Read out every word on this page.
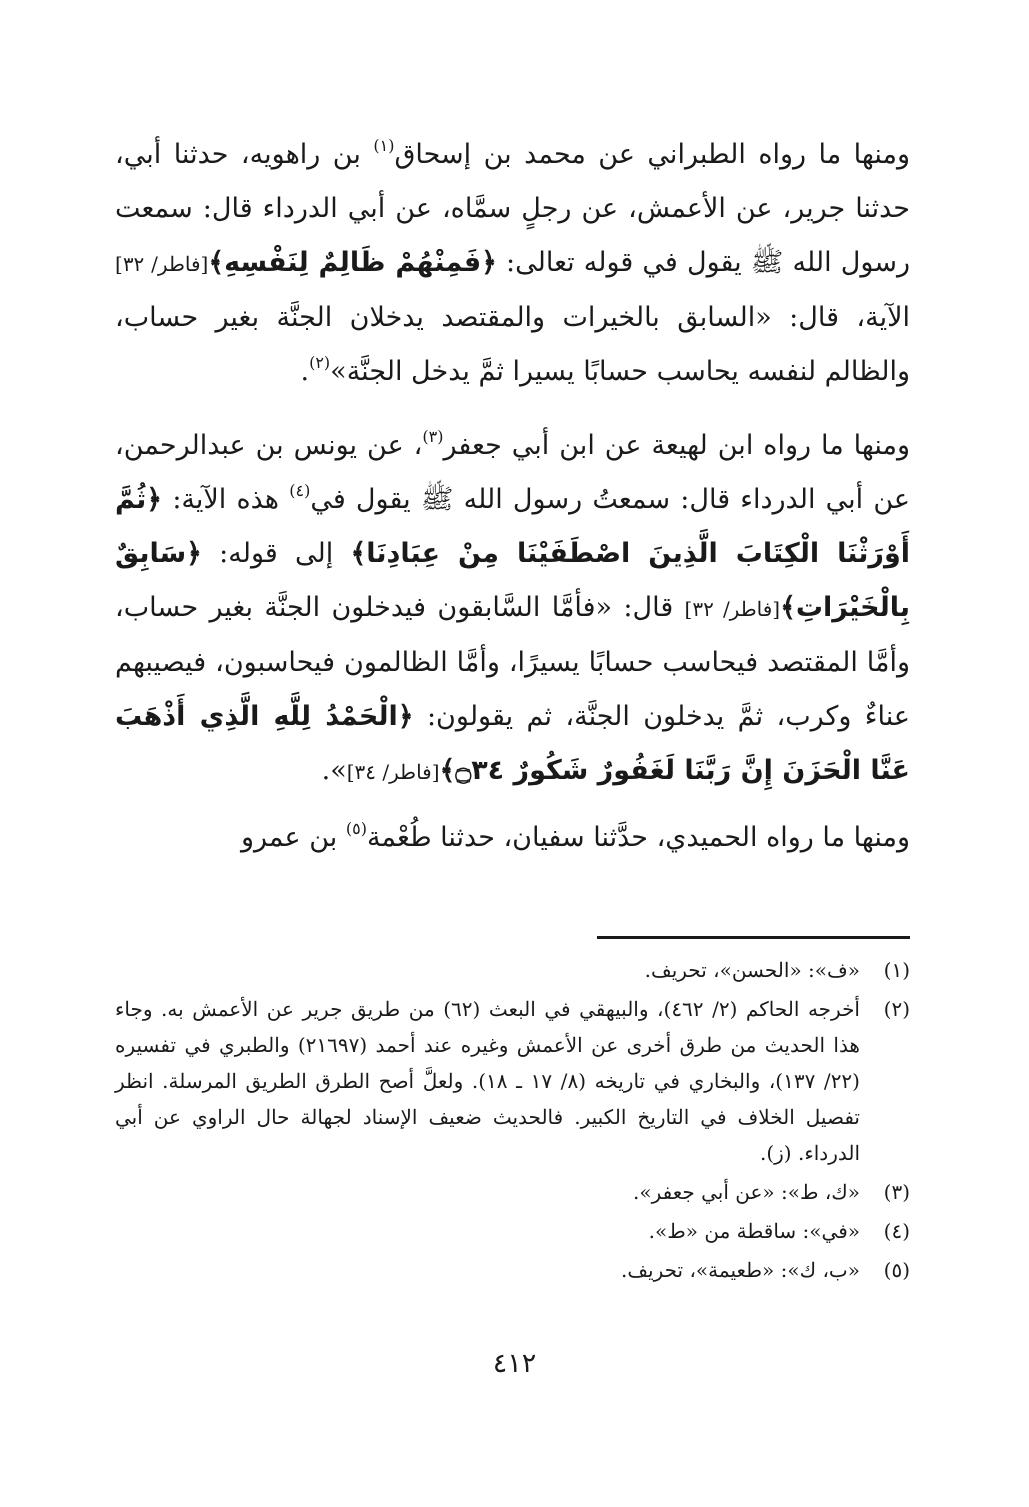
ومنها ما رواه الطبراني عن محمد بن إسحاق$^{(١)}$ بن راهويه، حدثنا أبي، حدثنا جرير، عن الأعمش، عن رجلٍ سمَّاه، عن أبي الدرداء قال: سمعت رسول الله ﷺ يقول في قوله تعالى: ﴿فَمِنْهُمْ ظَالِمٌ لِنَفْسِهِ﴾[فاطر/ ٣٢] الآية، قال: «السابق بالخيرات والمقتصد يدخلان الجنَّة بغير حساب، والظالم لنفسه يحاسب حسابًا يسيرا ثمَّ يدخل الجنَّة»$^{(٢)}$.

ومنها ما رواه ابن لهيعة عن ابن أبي جعفر$^{(٣)}$، عن يونس بن عبدالرحمن، عن أبي الدرداء قال: سمعتُ رسول الله ﷺ يقول في$^{(٤)}$ هذه الآية: ﴿ثُمَّ أَوْرَثْنَا الْكِتَابَ الَّذِينَ اصْطَفَيْنَا مِنْ عِبَادِنَا﴾ إلى قوله: ﴿سَابِقٌ بِالْخَيْرَاتِ﴾[فاطر/ ٣٢] قال: «فأمَّا السَّابقون فيدخلون الجنَّة بغير حساب، وأمَّا المقتصد فيحاسب حسابًا يسيرًا، وأمَّا الظالمون فيحاسبون، فيصيبهم عناءٌ وكرب، ثمَّ يدخلون الجنَّة، ثم يقولون: ﴿الْحَمْدُ لِلَّهِ الَّذِي أَذْهَبَ عَنَّا الْحَزَنَ إِنَّ رَبَّنَا لَغَفُورٌ شَكُورٌ ۝٣٤﴾[فاطر/ ٣٤]».

ومنها ما رواه الحميدي، حدَّثنا سفيان، حدثنا طُعْمة$^{(٥)}$ بن عمرو

(١)
«ف»: «الحسن»، تحريف.
(٢)
أخرجه الحاكم (٢/ ٤٦٢)، والبيهقي في البعث (٦٢) من طريق جرير عن الأعمش به. وجاء هذا الحديث من طرق أخرى عن الأعمش وغيره عند أحمد (٢١٦٩٧) والطبري في تفسيره (٢٢/ ١٣٧)، والبخاري في تاريخه (٨/ ١٧ ـ ١٨). ولعلَّ أصح الطرق الطريق المرسلة. انظر تفصيل الخلاف في التاريخ الكبير. فالحديث ضعيف الإسناد لجهالة حال الراوي عن أبي الدرداء. (ز).
(٣)
«ك، ط»: «عن أبي جعفر».
(٤)
«في»: ساقطة من «ط».
(٥)
«ب، ك»: «طعيمة»، تحريف.
٤١٢
